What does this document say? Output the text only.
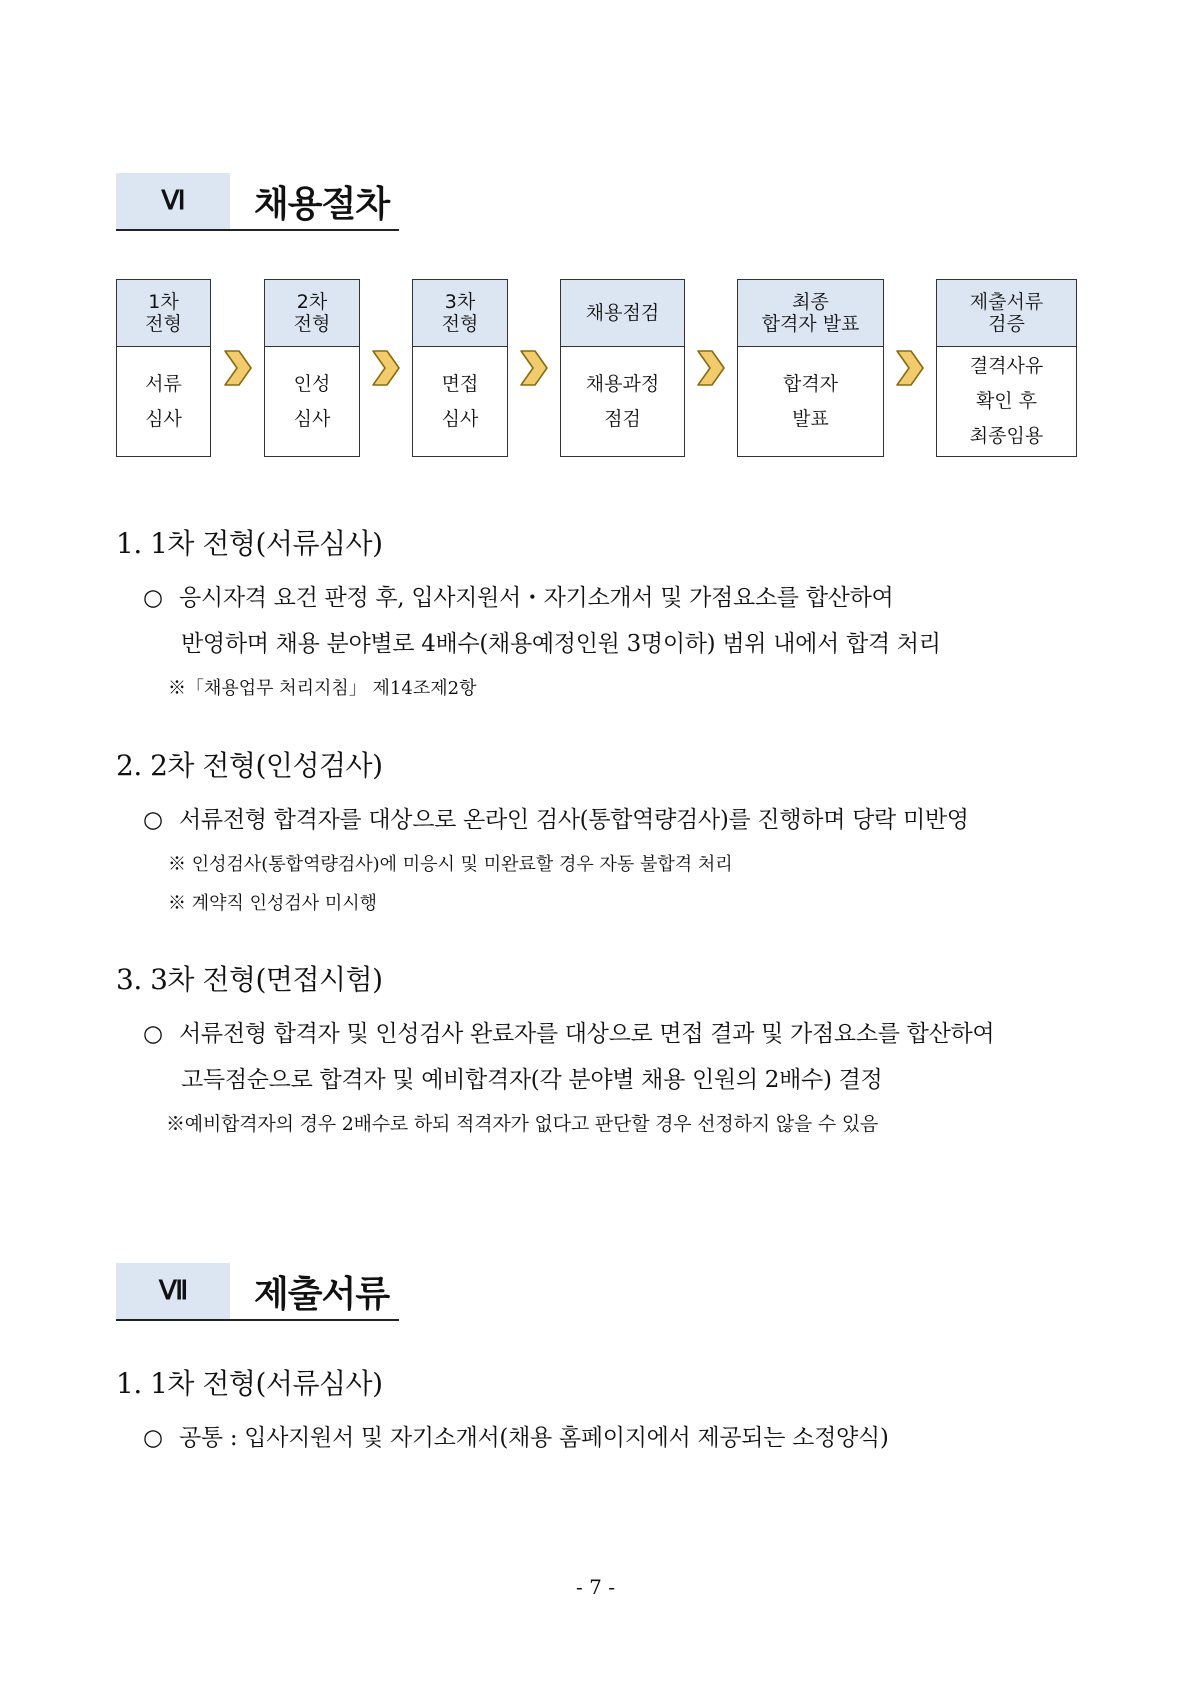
Ⅵ	채용절차
1차
전형
서류
심사
2차
전형
인성
심사
3차
전형
면접
심사
채용점검
채용과정
점검
최종
합격자 발표
합격자
발표
제출서류
검증
결격사유
확인 후
최종임용
1. 1차 전형(서류심사)
○ 응시자격 요건 판정 후, 입사지원서・자기소개서 및 가점요소를 합산하여
반영하며 채용 분야별로 4배수(채용예정인원 3명이하) 범위 내에서 합격 처리
※「채용업무 처리지침」 제14조제2항
2. 2차 전형(인성검사)
○ 서류전형 합격자를 대상으로 온라인 검사(통합역량검사)를 진행하며 당락 미반영
※ 인성검사(통합역량검사)에 미응시 및 미완료할 경우 자동 불합격 처리
※ 계약직 인성검사 미시행
3. 3차 전형(면접시험)
○ 서류전형 합격자 및 인성검사 완료자를 대상으로 면접 결과 및 가점요소를 합산하여
고득점순으로 합격자 및 예비합격자(각 분야별 채용 인원의 2배수) 결정
※예비합격자의 경우 2배수로 하되 적격자가 없다고 판단할 경우 선정하지 않을 수 있음
Ⅶ	제출서류
1. 1차 전형(서류심사)
○ 공통 : 입사지원서 및 자기소개서(채용 홈페이지에서 제공되는 소정양식)
- 7 -
